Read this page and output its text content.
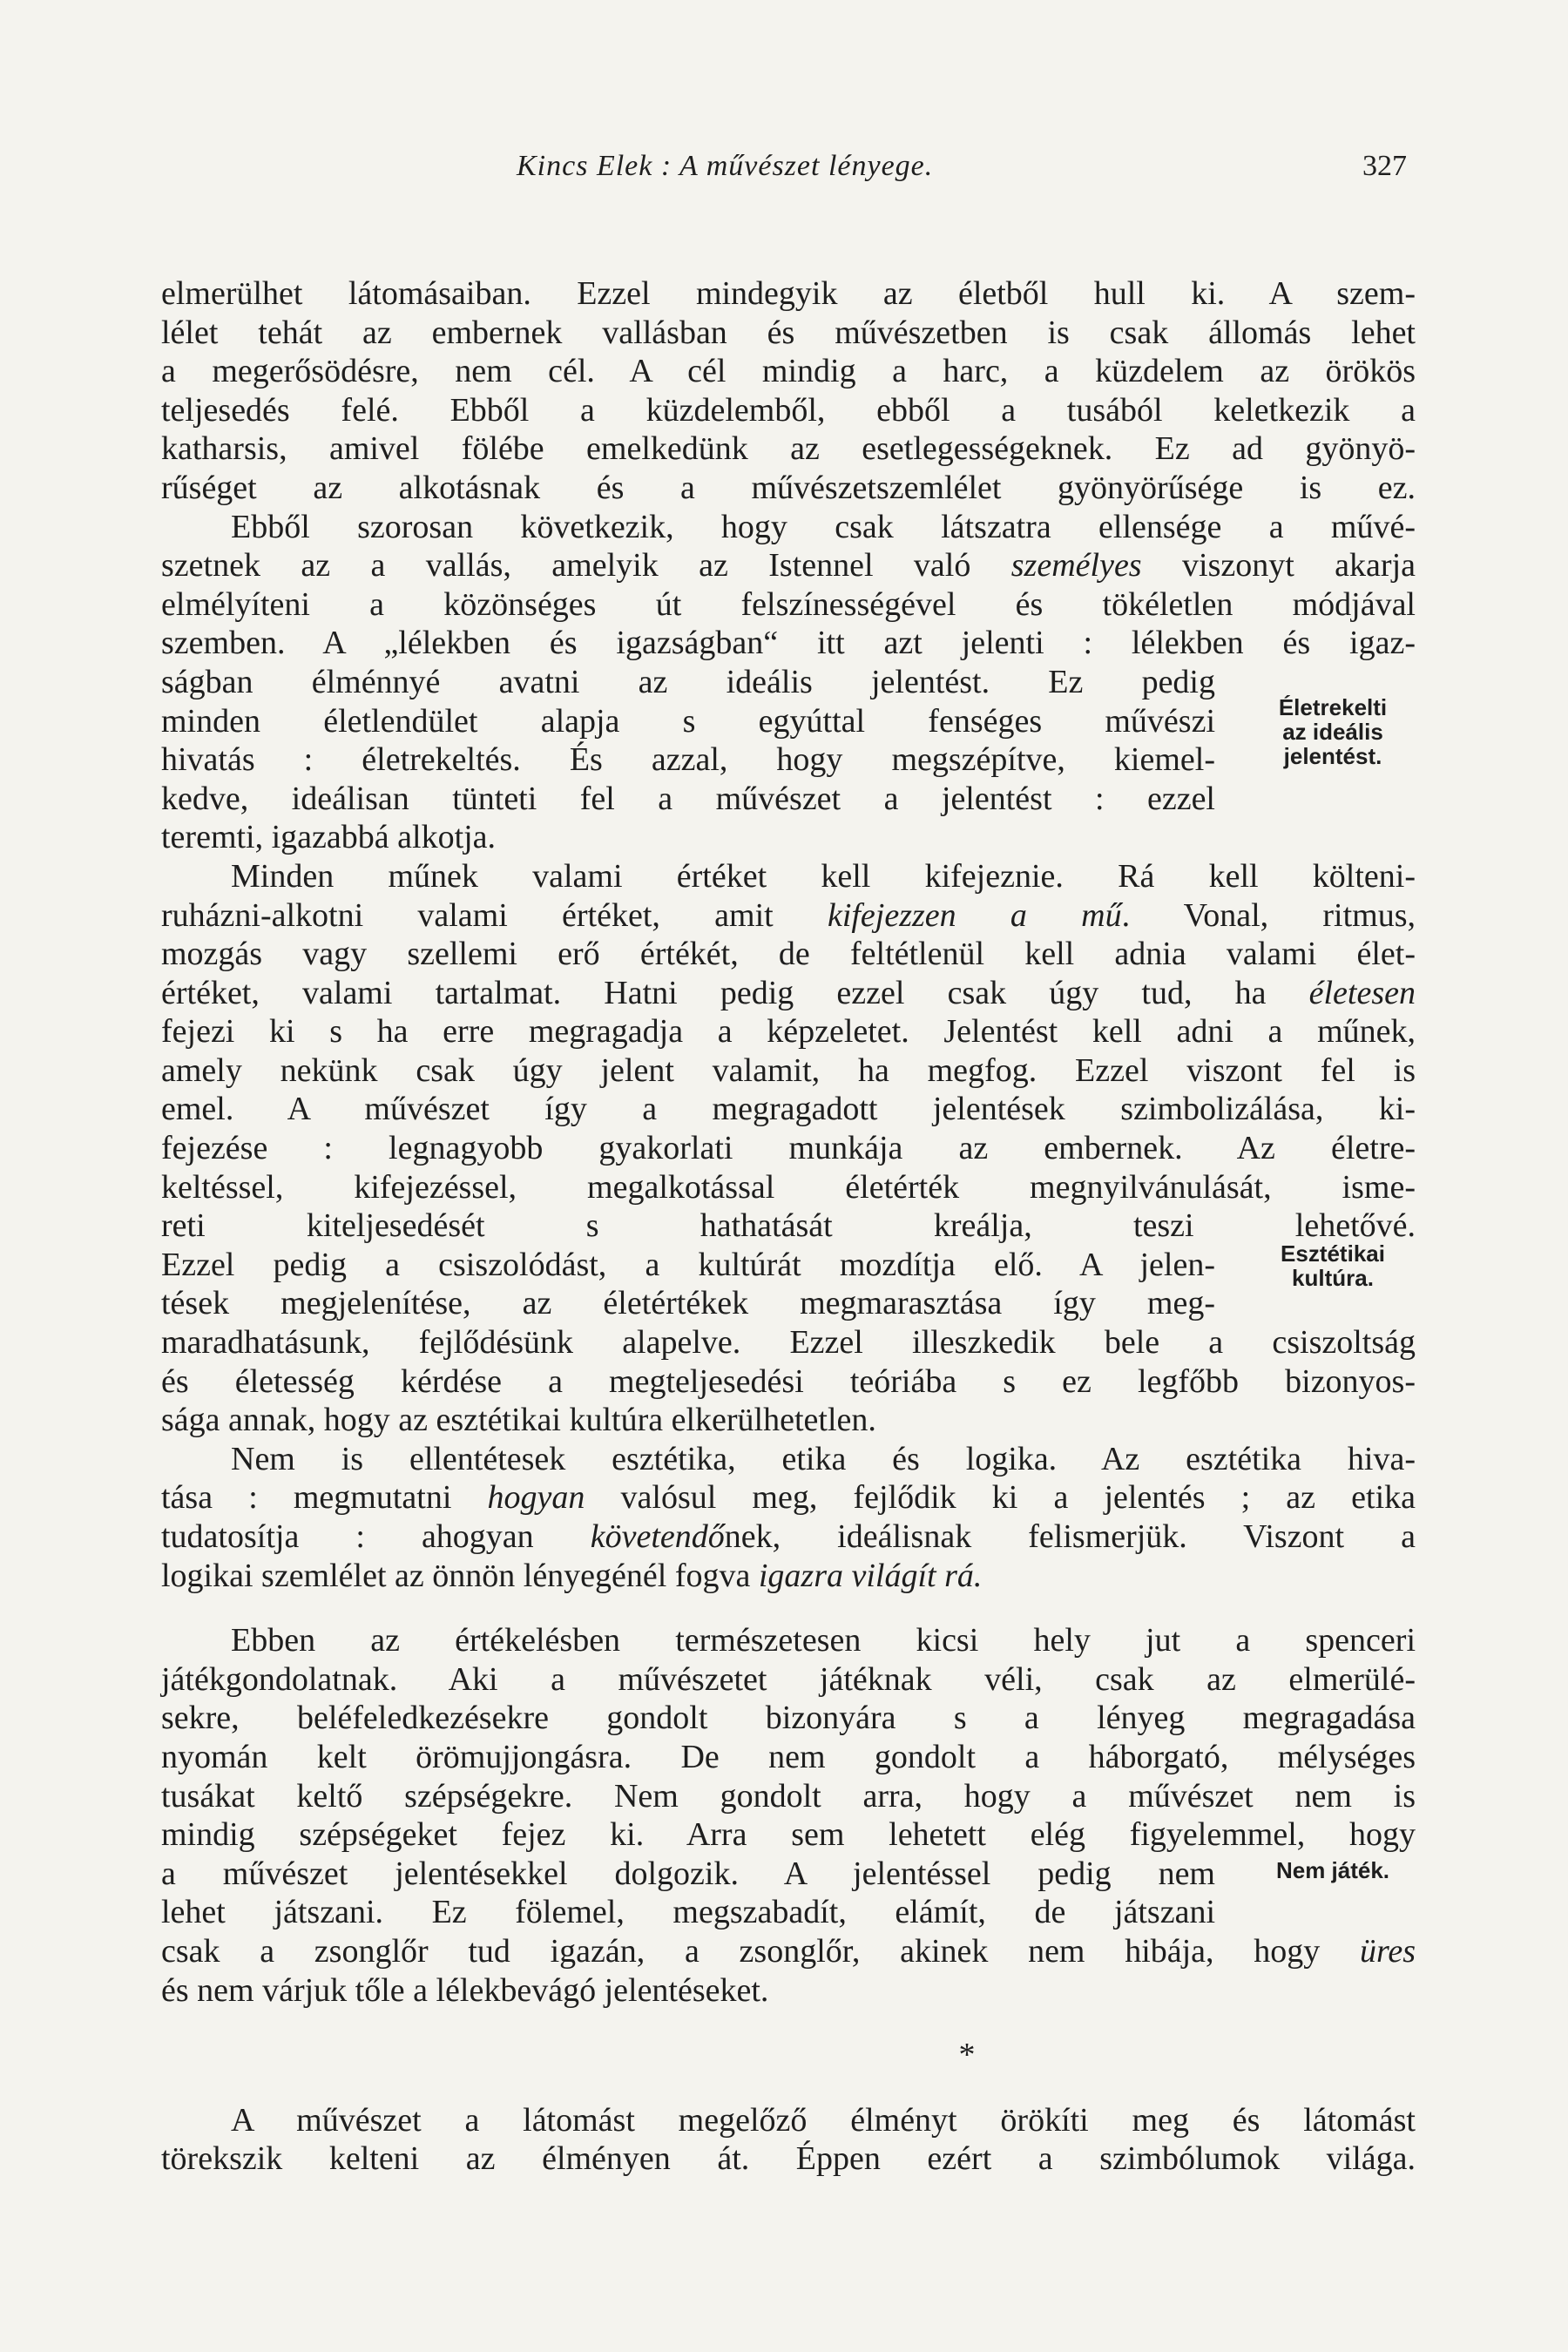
Kincs Elek : A művészet lényege.	327
elmerülhet látomásaiban. Ezzel mindegyik az életből hull ki. A szem-
lélet tehát az embernek vallásban és művészetben is csak állomás lehet
a megerősödésre, nem cél. A cél mindig a harc, a küzdelem az örökös
teljesedés felé. Ebből a küzdelemből, ebből a tusából keletkezik a
katharsis, amivel fölébe emelkedünk az esetlegességeknek. Ez ad gyönyö-
rűséget az alkotásnak és a művészetszemlélet gyönyörűsége is ez.
Ebből szorosan következik, hogy csak látszatra ellensége a művé-
szetnek az a vallás, amelyik az Istennel való személyes viszonyt akarja
elmélyíteni a közönséges út felszínességével és tökéletlen módjával
szemben. A „lélekben és igazságban“ itt azt jelenti : lélekben és igaz-
ságban élménnyé avatni az ideális jelentést. Ez pedig
minden életlendület alapja s egyúttal fenséges művészi
hivatás : életrekeltés. És azzal, hogy megszépítve, kiemel-
kedve, ideálisan tünteti fel a művészet a jelentést : ezzel
teremti, igazabbá alkotja.
Minden műnek valami értéket kell kifejeznie. Rá kell költeni-
ruházni-alkotni valami értéket, amit kifejezzen a mű. Vonal, ritmus,
mozgás vagy szellemi erő értékét, de feltétlenül kell adnia valami élet-
értéket, valami tartalmat. Hatni pedig ezzel csak úgy tud, ha életesen
fejezi ki s ha erre megragadja a képzeletet. Jelentést kell adni a műnek,
amely nekünk csak úgy jelent valamit, ha megfog. Ezzel viszont fel is
emel. A művészet így a megragadott jelentések szimbolizálása, ki-
fejezése : legnagyobb gyakorlati munkája az embernek. Az életre-
keltéssel, kifejezéssel, megalkotással életérték megnyilvánulását, isme-
reti kiteljesedését s hathatását kreálja, teszi lehetővé.
Ezzel pedig a csiszolódást, a kultúrát mozdítja elő. A jelen-
tések megjelenítése, az életértékek megmarasztása így meg-
maradhatásunk, fejlődésünk alapelve. Ezzel illeszkedik bele a csiszoltság
és életesség kérdése a megteljesedési teóriába s ez legfőbb bizonyos-
sága annak, hogy az esztétikai kultúra elkerülhetetlen.
Nem is ellentétesek esztétika, etika és logika. Az esztétika hiva-
tása : megmutatni hogyan valósul meg, fejlődik ki a jelentés ; az etika
tudatosítja : ahogyan követendőnek, ideálisnak felismerjük. Viszont a
logikai szemlélet az önnön lényegénél fogva igazra világít rá.
Ebben az értékelésben természetesen kicsi hely jut a spenceri
játékgondolatnak. Aki a művészetet játéknak véli, csak az elmerülé-
sekre, beléfeledkezésekre gondolt bizonyára s a lényeg megragadása
nyomán kelt örömujjongásra. De nem gondolt a háborgató, mélységes
tusákat keltő szépségekre. Nem gondolt arra, hogy a művészet nem is
mindig szépségeket fejez ki. Arra sem lehetett elég figyelemmel, hogy
a művészet jelentésekkel dolgozik. A jelentéssel pedig nem
lehet játszani. Ez fölemel, megszabadít, elámít, de játszani
csak a zsonglőr tud igazán, a zsonglőr, akinek nem hibája, hogy üres
és nem várjuk tőle a lélekbevágó jelentéseket.
*
A művészet a látomást megelőző élményt örökíti meg és látomást
törekszik kelteni az élményen át. Éppen ezért a szimbólumok világa.
Életrekelti
az ideális
jelentést.
Esztétikai
kultúra.
Nem játék.
